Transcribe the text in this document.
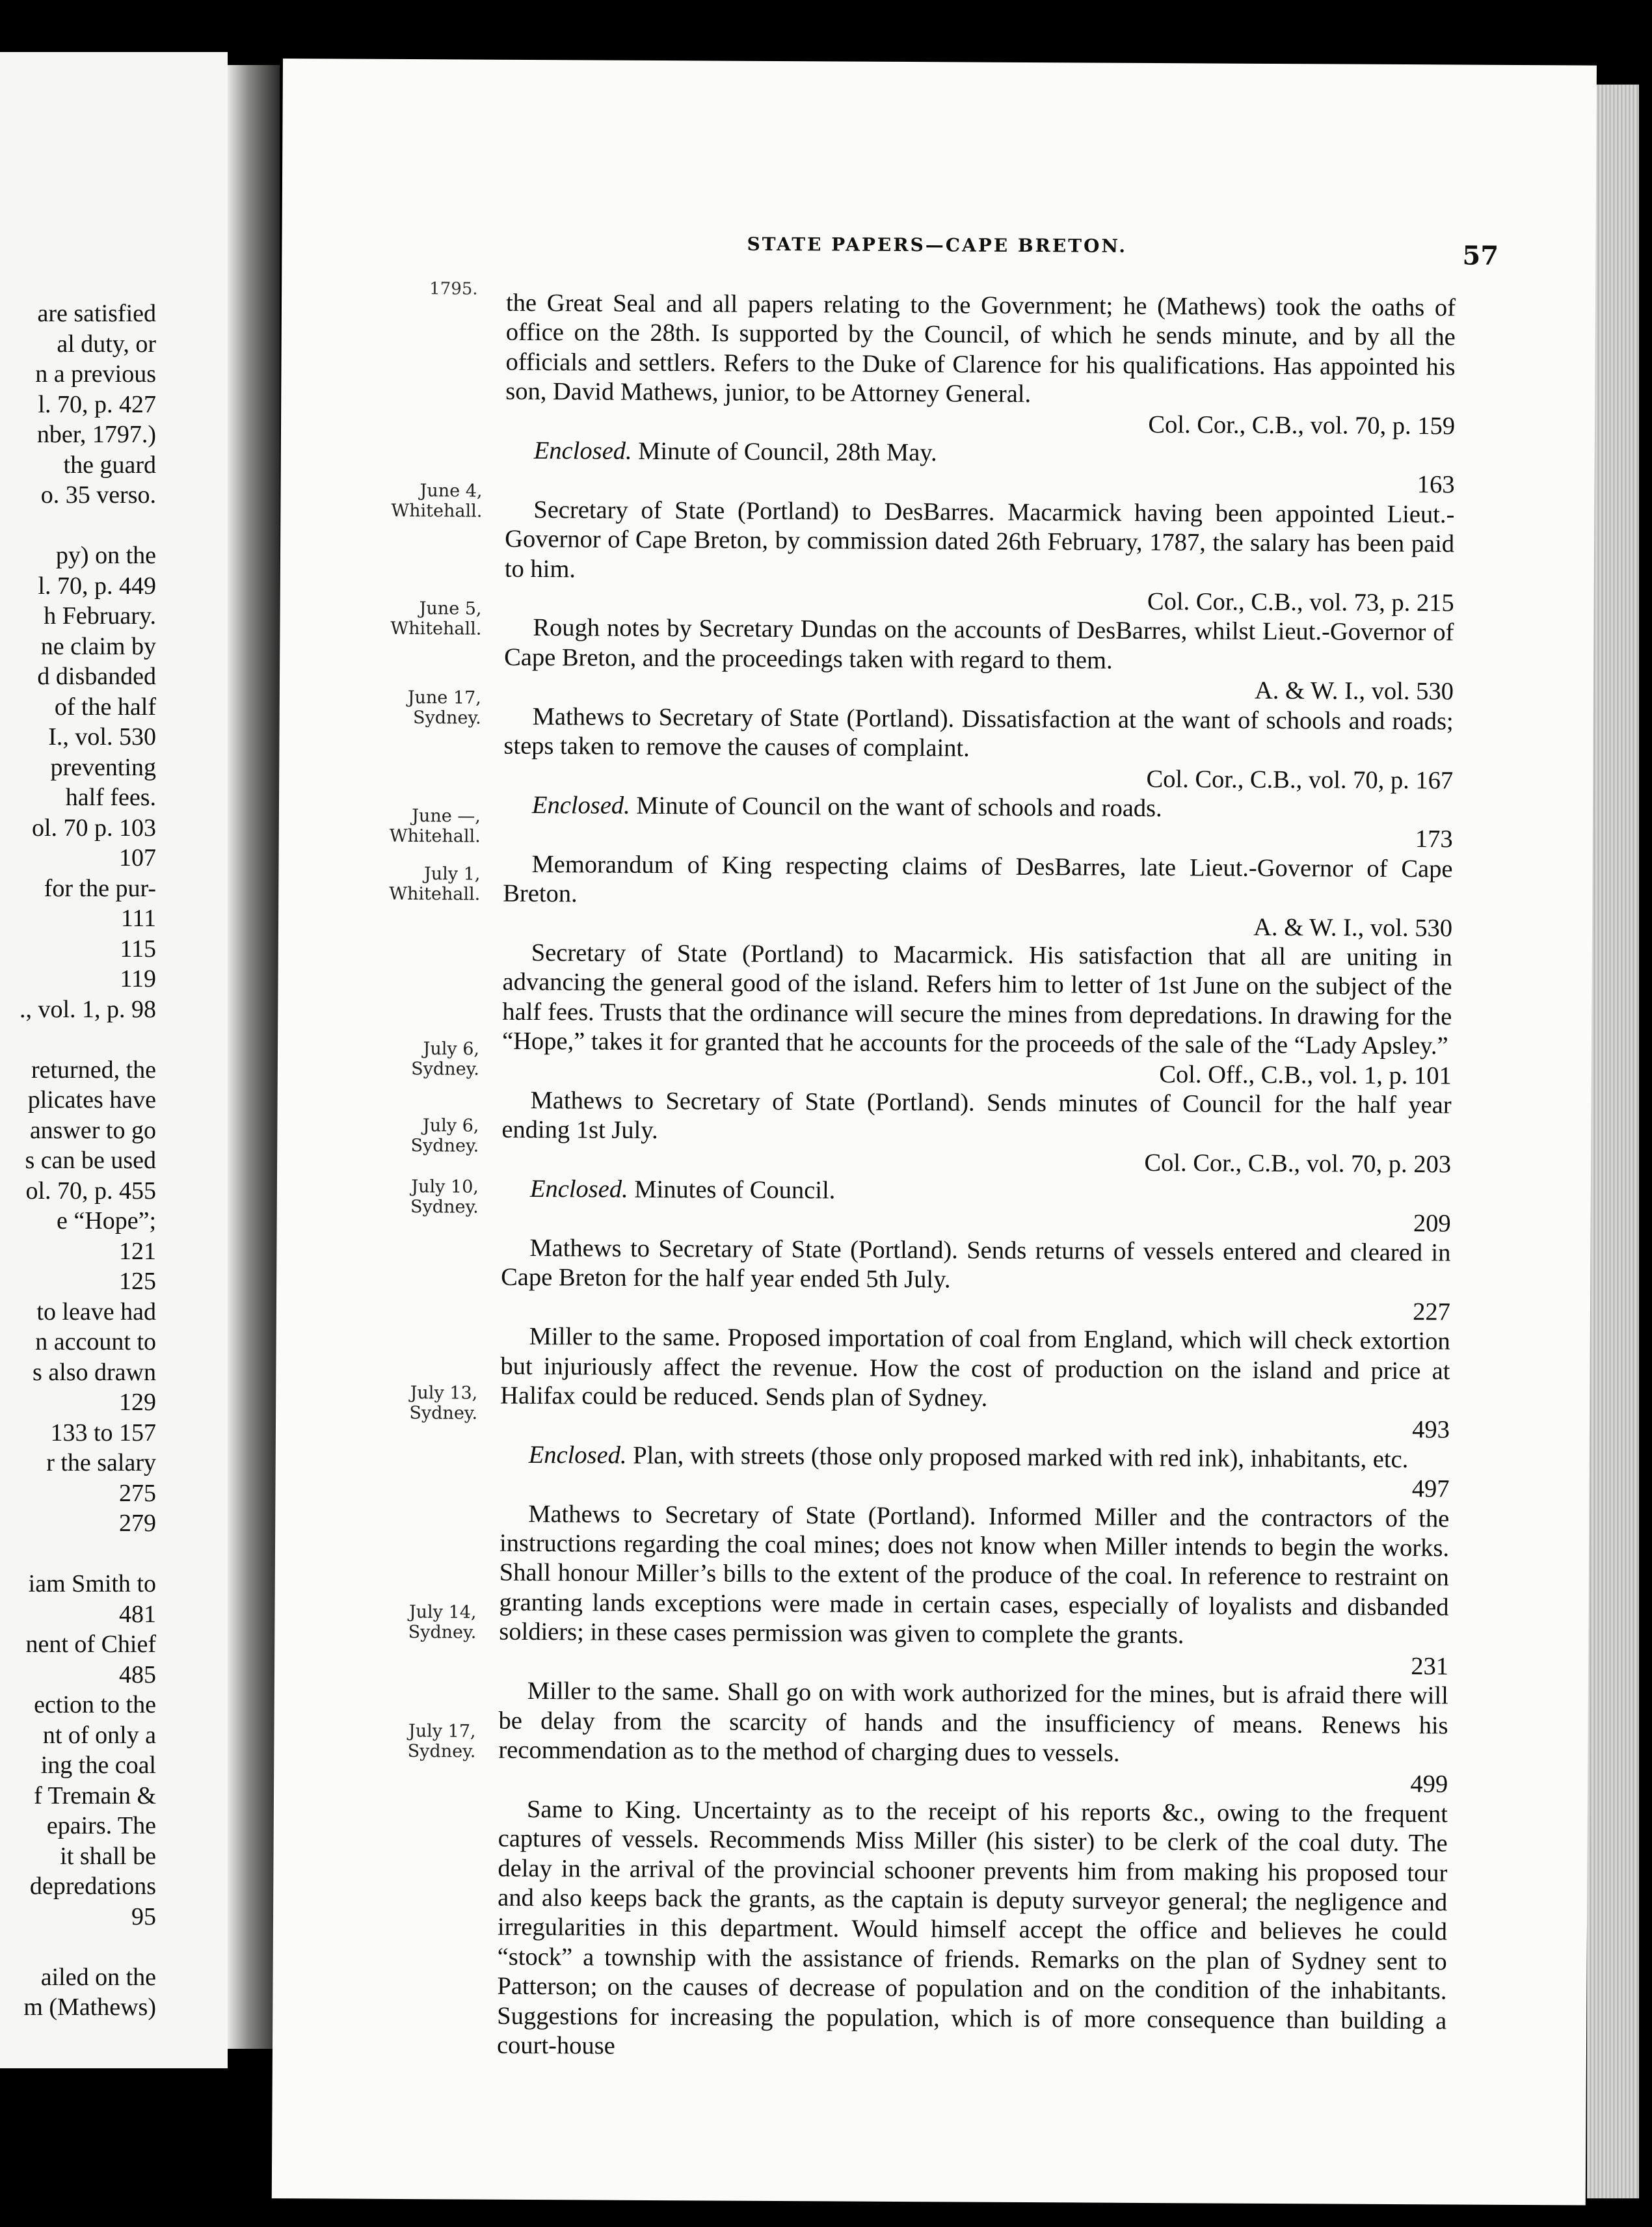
are satisfied
al duty, or
n a previous
l. 70, p. 427
nber, 1797.)
the guard
o. 35 verso.
py) on the
l. 70, p. 449
h February.
ne claim by
d disbanded
of the half
I., vol. 530
preventing
half fees.
ol. 70 p. 103
107
for the pur-
111
115
119
., vol. 1, p. 98
returned, the
plicates have
answer to go
s can be used
ol. 70, p. 455
e “Hope”;
121
125
to leave had
n account to
s also drawn
129
133 to 157
r the salary
275
279
iam Smith to
481
nent of Chief
485
ection to the
nt of only a
ing the coal
f Tremain &
epairs. The
it shall be
depredations
95
ailed on the
m (Mathews)
STATE PAPERS—CAPE BRETON.	57
1795.
June 4,
Whitehall.
June 5,
Whitehall.
June 17,
Sydney.
June —,
Whitehall.
July 1,
Whitehall.
July 6,
Sydney.
July 6,
Sydney.
July 10,
Sydney.
July 13,
Sydney.
July 14,
Sydney.
July 17,
Sydney.

the Great Seal and all papers relating to the Government; he (Mathews) took the oaths of office on the 28th. Is supported by the Council, of which he sends minute, and by all the officials and settlers. Refers to the Duke of Clarence for his qualifications. Has appointed his son, David Mathews, junior, to be Attorney General.

Col. Cor., C.B., vol. 70, p. 159

Enclosed. Minute of Council, 28th May.

163

Secretary of State (Portland) to DesBarres. Macarmick having been appointed Lieut.-Governor of Cape Breton, by commission dated 26th February, 1787, the salary has been paid to him.

Col. Cor., C.B., vol. 73, p. 215

Rough notes by Secretary Dundas on the accounts of DesBarres, whilst Lieut.-Governor of Cape Breton, and the proceedings taken with regard to them.

A. & W. I., vol. 530

Mathews to Secretary of State (Portland). Dissatisfaction at the want of schools and roads; steps taken to remove the causes of complaint.

Col. Cor., C.B., vol. 70, p. 167

Enclosed. Minute of Council on the want of schools and roads.

173

Memorandum of King respecting claims of DesBarres, late Lieut.-Governor of Cape Breton.

A. & W. I., vol. 530

Secretary of State (Portland) to Macarmick. His satisfaction that all are uniting in advancing the general good of the island. Refers him to letter of 1st June on the subject of the half fees. Trusts that the ordinance will secure the mines from depredations. In drawing for the “Hope,” takes it for granted that he accounts for the proceeds of the sale of the “Lady Apsley.”

Col. Off., C.B., vol. 1, p. 101

Mathews to Secretary of State (Portland). Sends minutes of Council for the half year ending 1st July.

Col. Cor., C.B., vol. 70, p. 203

Enclosed. Minutes of Council.

209

Mathews to Secretary of State (Portland). Sends returns of vessels entered and cleared in Cape Breton for the half year ended 5th July.

227

Miller to the same. Proposed importation of coal from England, which will check extortion but injuriously affect the revenue. How the cost of production on the island and price at Halifax could be reduced. Sends plan of Sydney.

493

Enclosed. Plan, with streets (those only proposed marked with red ink), inhabitants, etc.

497

Mathews to Secretary of State (Portland). Informed Miller and the contractors of the instructions regarding the coal mines; does not know when Miller intends to begin the works. Shall honour Miller’s bills to the extent of the produce of the coal. In reference to restraint on granting lands exceptions were made in certain cases, especially of loyalists and disbanded soldiers; in these cases permission was given to complete the grants.

231

Miller to the same. Shall go on with work authorized for the mines, but is afraid there will be delay from the scarcity of hands and the insufficiency of means. Renews his recommendation as to the method of charging dues to vessels.

499

Same to King. Uncertainty as to the receipt of his reports &c., owing to the frequent captures of vessels. Recommends Miss Miller (his sister) to be clerk of the coal duty. The delay in the arrival of the provincial schooner prevents him from making his proposed tour and also keeps back the grants, as the captain is deputy surveyor general; the negligence and irregularities in this department. Would himself accept the office and believes he could “stock” a township with the assistance of friends. Remarks on the plan of Sydney sent to Patterson; on the causes of decrease of population and on the condition of the inhabitants. Suggestions for increasing the population, which is of more consequence than building a court-house
